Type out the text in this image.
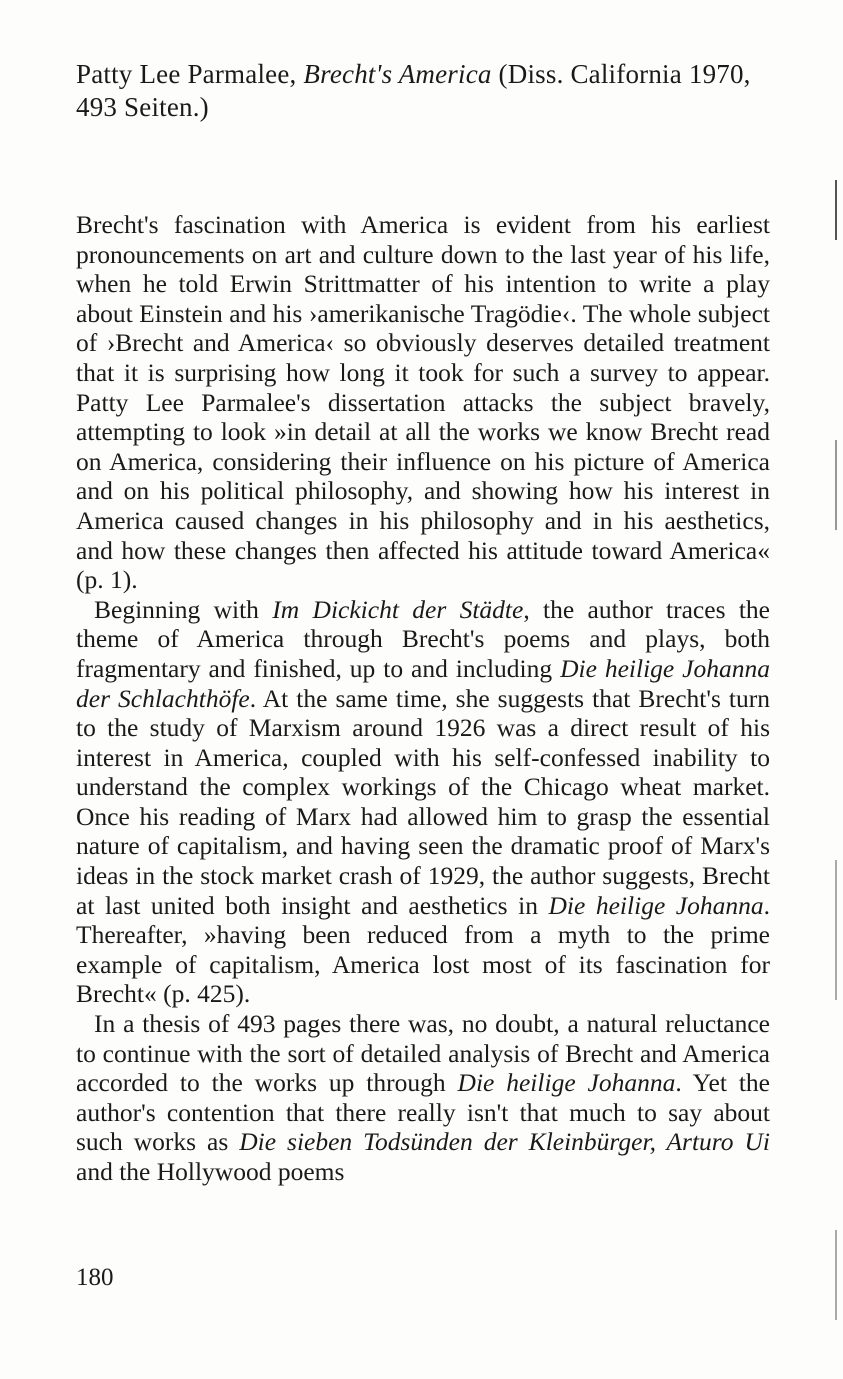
Patty Lee Parmalee, Brecht's America (Diss. California 1970, 493 Seiten.)

Brecht's fascination with America is evident from his earliest pronouncements on art and culture down to the last year of his life, when he told Erwin Strittmatter of his intention to write a play about Einstein and his ›amerikanische Tragödie‹. The whole subject of ›Brecht and America‹ so obviously deserves detailed treatment that it is surprising how long it took for such a survey to appear. Patty Lee Parmalee's dissertation attacks the subject bravely, attempting to look »in detail at all the works we know Brecht read on America, considering their influence on his picture of America and on his political philosophy, and showing how his interest in America caused changes in his philosophy and in his aesthetics, and how these changes then affected his attitude toward America« (p. 1).

Beginning with Im Dickicht der Städte, the author traces the theme of America through Brecht's poems and plays, both fragmentary and finished, up to and including Die heilige Johanna der Schlachthöfe. At the same time, she suggests that Brecht's turn to the study of Marxism around 1926 was a direct result of his interest in America, coupled with his self-confessed inability to understand the complex workings of the Chicago wheat market. Once his reading of Marx had allowed him to grasp the essential nature of capitalism, and having seen the dramatic proof of Marx's ideas in the stock market crash of 1929, the author suggests, Brecht at last united both insight and aesthetics in Die heilige Johanna. Thereafter, »having been reduced from a myth to the prime example of capitalism, America lost most of its fascination for Brecht« (p. 425).

In a thesis of 493 pages there was, no doubt, a natural reluctance to continue with the sort of detailed analysis of Brecht and America accorded to the works up through Die heilige Johanna. Yet the author's contention that there really isn't that much to say about such works as Die sieben Todsünden der Kleinbürger, Arturo Ui and the Hollywood poems

180
